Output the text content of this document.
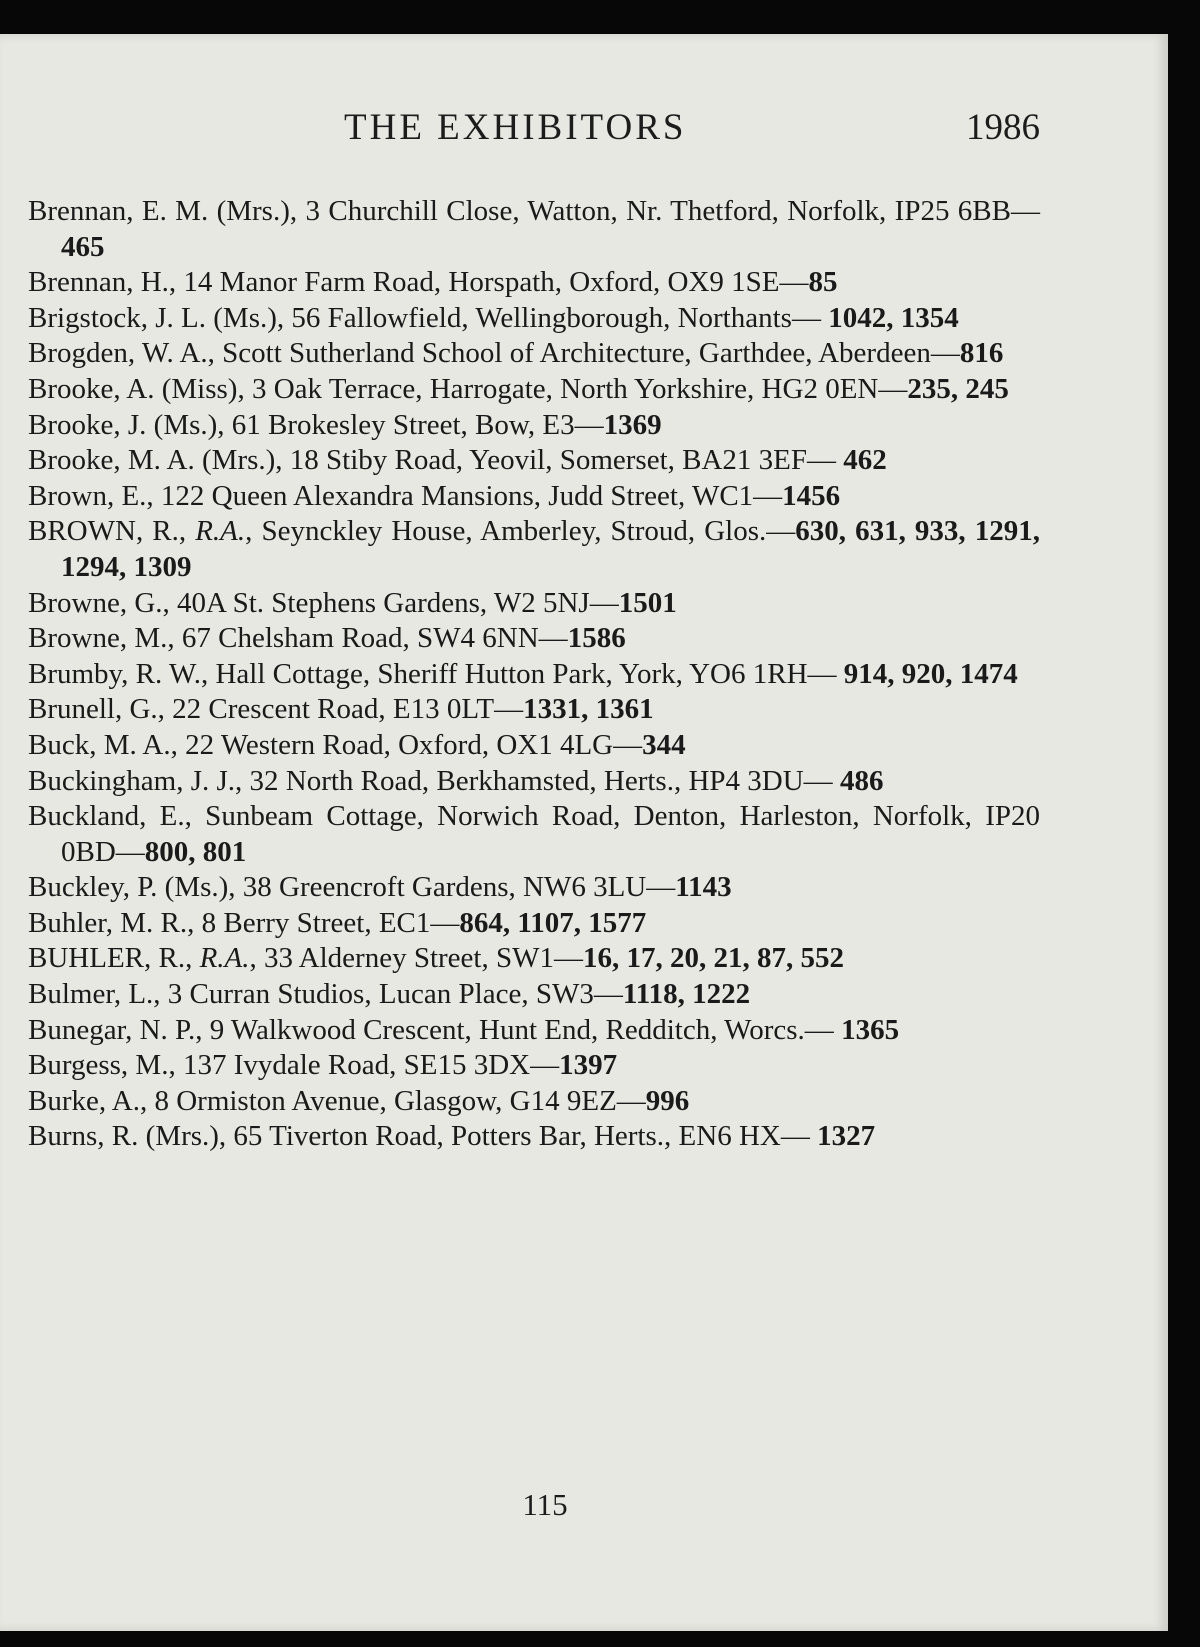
THE EXHIBITORS	1986

Brennan, E. M. (Mrs.), 3 Churchill Close, Watton, Nr. Thetford, Norfolk, IP25 6BB—465

Brennan, H., 14 Manor Farm Road, Horspath, Oxford, OX9 1SE—85

Brigstock, J. L. (Ms.), 56 Fallowfield, Wellingborough, Northants— 1042, 1354

Brogden, W. A., Scott Sutherland School of Architecture, Garthdee, Aberdeen—816

Brooke, A. (Miss), 3 Oak Terrace, Harrogate, North Yorkshire, HG2 0EN—235, 245

Brooke, J. (Ms.), 61 Brokesley Street, Bow, E3—1369

Brooke, M. A. (Mrs.), 18 Stiby Road, Yeovil, Somerset, BA21 3EF— 462

Brown, E., 122 Queen Alexandra Mansions, Judd Street, WC1—1456

BROWN, R., R.A., Seynckley House, Amberley, Stroud, Glos.—630, 631, 933, 1291, 1294, 1309

Browne, G., 40A St. Stephens Gardens, W2 5NJ—1501

Browne, M., 67 Chelsham Road, SW4 6NN—1586

Brumby, R. W., Hall Cottage, Sheriff Hutton Park, York, YO6 1RH— 914, 920, 1474

Brunell, G., 22 Crescent Road, E13 0LT—1331, 1361

Buck, M. A., 22 Western Road, Oxford, OX1 4LG—344

Buckingham, J. J., 32 North Road, Berkhamsted, Herts., HP4 3DU— 486

Buckland, E., Sunbeam Cottage, Norwich Road, Denton, Harleston, Norfolk, IP20 0BD—800, 801

Buckley, P. (Ms.), 38 Greencroft Gardens, NW6 3LU—1143

Buhler, M. R., 8 Berry Street, EC1—864, 1107, 1577

BUHLER, R., R.A., 33 Alderney Street, SW1—16, 17, 20, 21, 87, 552

Bulmer, L., 3 Curran Studios, Lucan Place, SW3—1118, 1222

Bunegar, N. P., 9 Walkwood Crescent, Hunt End, Redditch, Worcs.— 1365

Burgess, M., 137 Ivydale Road, SE15 3DX—1397

Burke, A., 8 Ormiston Avenue, Glasgow, G14 9EZ—996

Burns, R. (Mrs.), 65 Tiverton Road, Potters Bar, Herts., EN6 HX— 1327

115
